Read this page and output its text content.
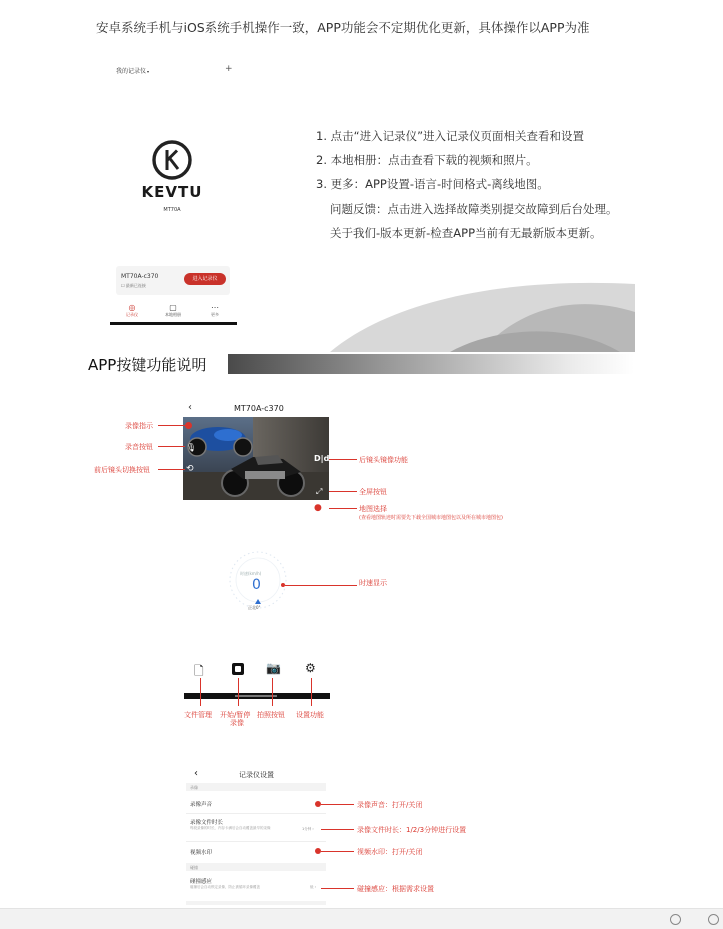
安卓系统手机与iOS系统手机操作一致，APP功能会不定期优化更新，具体操作以APP为准
我的记录仪▾	+
KEVTU
MT70A
MT70A-c370
☐ 最新已连接
进入记录仪
◎
记录仪
▢
本地相册
⋯
更多
1. 点击“进入记录仪”进入记录仪页面相关查看和设置
2. 本地相册：点击查看下载的视频和照片。
3. 更多：APP设置-语言-时间格式-离线地图。
问题反馈：点击进入选择故障类别提交故障到后台处理。
关于我们-版本更新-检查APP当前有无最新版本更新。
APP按键功能说明
‹	MT70A-c370
🎙
⟲
D|d
⤢
●
录像指示
录音按钮
前后镜头切换按钮
后镜头镜像功能
全屏按钮
地图选择
(查看地图轨迹时需要先下载全国城市地图包以及所在城市地图包)
时速(km/h)
0
正北0°
时速显示
🗋	📷 ⚙
文件管理 开始/暂停
录像
拍照按钮 设置功能
‹	记录仪设置
录像
录像声音
录像文件时长
每段录像的时长，内存卡满后会自动覆盖最早的录像	1分钟 ›
视频水印
碰撞
碰撞感应
碰撞后会自动锁定录像，防止被循环录像覆盖	低 ›
录像声音：打开/关闭
录像文件时长：1/2/3分钟进行设置
视频水印：打开/关闭
碰撞感应：根据需求设置
